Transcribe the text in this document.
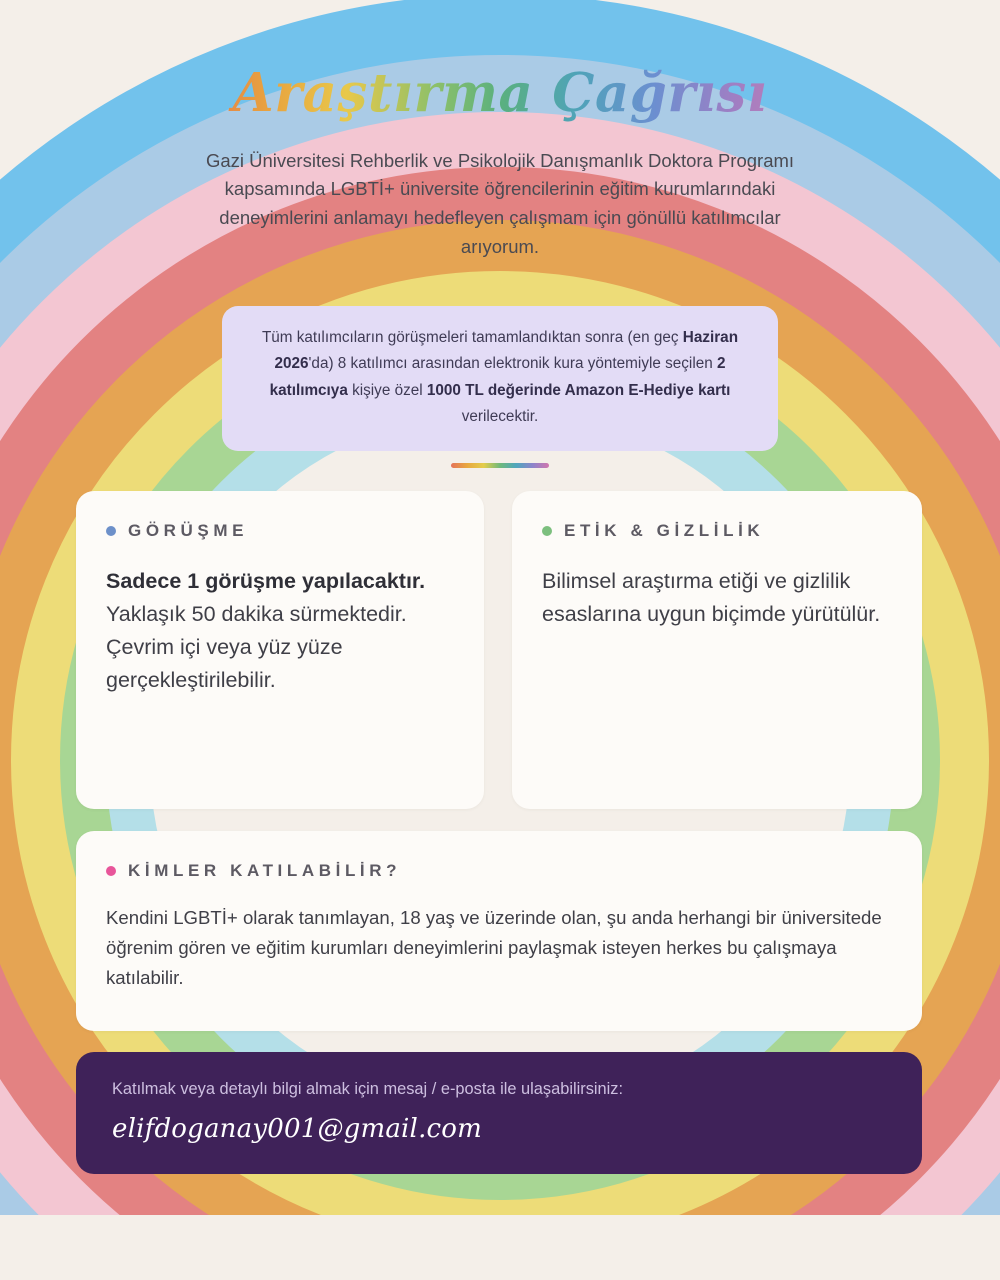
Araştırma Çağrısı
Gazi Üniversitesi Rehberlik ve Psikolojik Danışmanlık Doktora Programı kapsamında LGBTİ+ üniversite öğrencilerinin eğitim kurumlarındaki deneyimlerini anlamayı hedefleyen çalışmam için gönüllü katılımcılar arıyorum.
Tüm katılımcıların görüşmeleri tamamlandıktan sonra (en geç Haziran 2026'da) 8 katılımcı arasından elektronik kura yöntemiyle seçilen 2 katılımcıya kişiye özel 1000 TL değerinde Amazon E-Hediye kartı verilecektir.
GÖRÜŞME
Sadece 1 görüşme yapılacaktır. Yaklaşık 50 dakika sürmektedir. Çevrim içi veya yüz yüze gerçekleştirilebilir.
ETİK & GİZLİLİK
Bilimsel araştırma etiği ve gizlilik esaslarına uygun biçimde yürütülür.
KİMLER KATILABİLİR?
Kendini LGBTİ+ olarak tanımlayan, 18 yaş ve üzerinde olan, şu anda herhangi bir üniversitede öğrenim gören ve eğitim kurumları deneyimlerini paylaşmak isteyen herkes bu çalışmaya katılabilir.
Katılmak veya detaylı bilgi almak için mesaj / e-posta ile ulaşabilirsiniz:
elifdoganay001@gmail.com
